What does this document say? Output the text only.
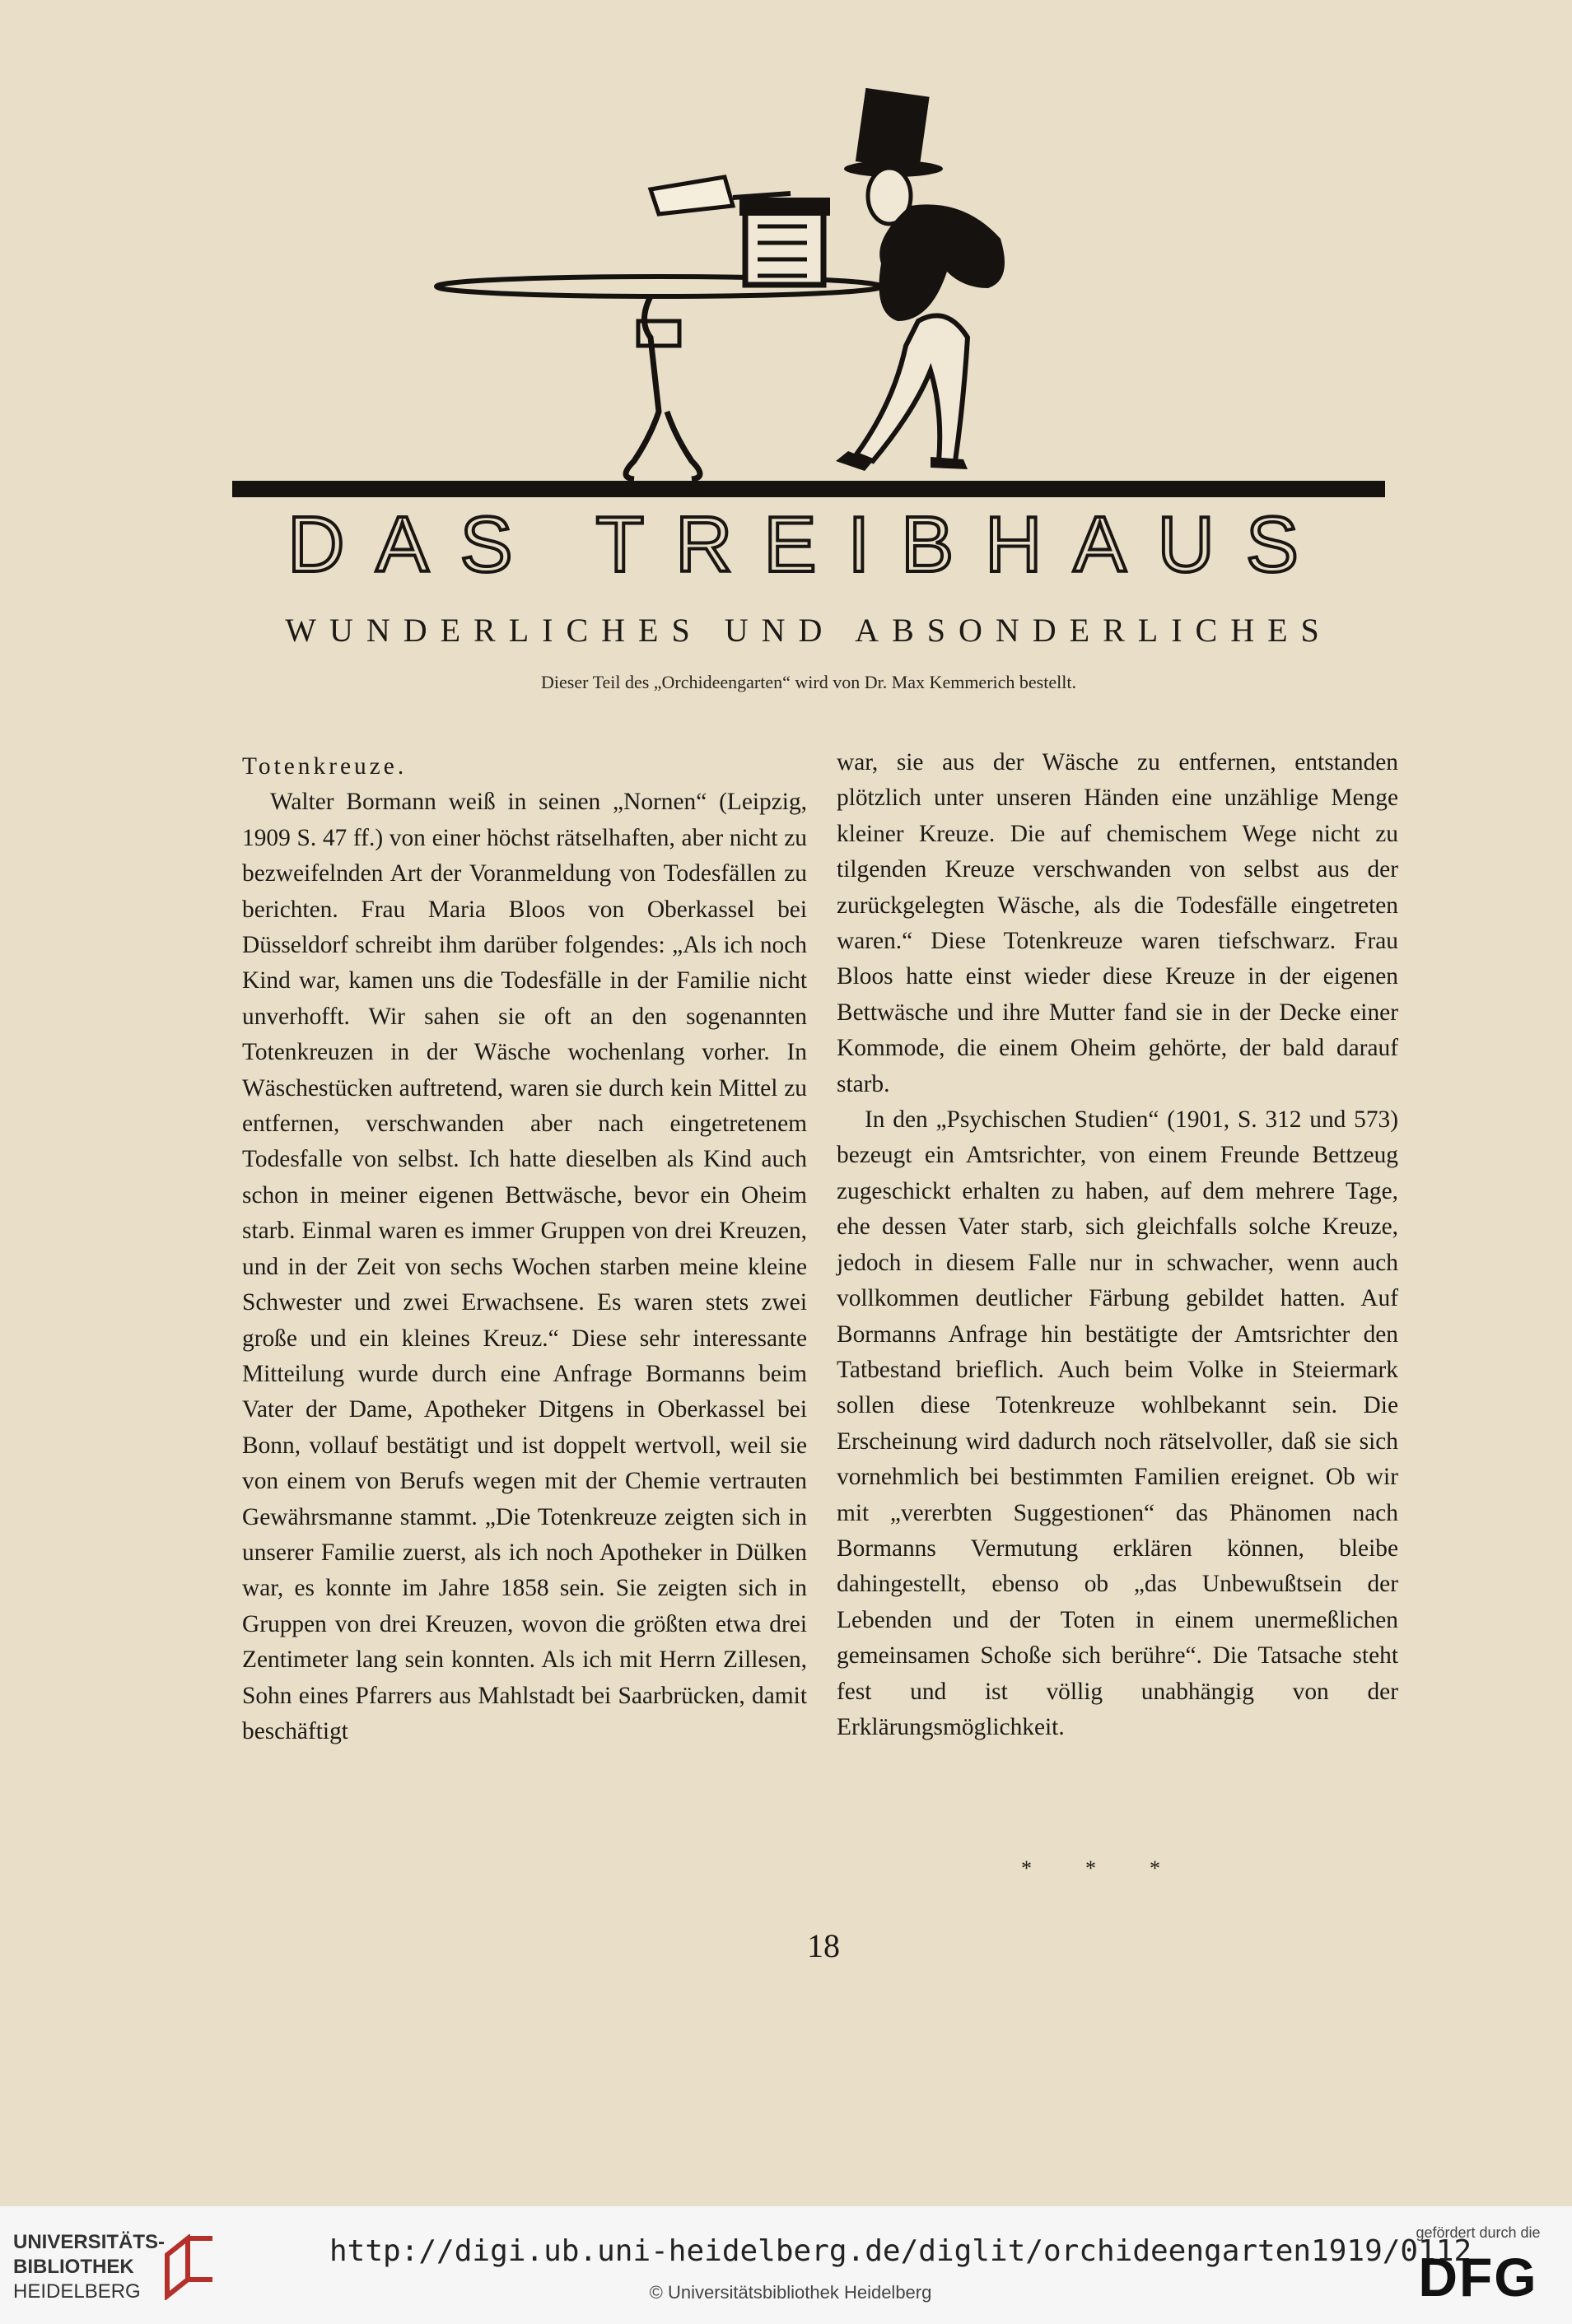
DAS TREIBHAUS
WUNDERLICHES UND ABSONDERLICHES
Dieser Teil des „Orchideengarten“ wird von Dr. Max Kemmerich bestellt.

Totenkreuze.

Walter Bormann weiß in seinen „Nornen“ (Leipzig, 1909 S. 47 ff.) von einer höchst rätselhaften, aber nicht zu bezweifelnden Art der Voranmeldung von Todesfällen zu berichten. Frau Maria Bloos von Oberkassel bei Düsseldorf schreibt ihm darüber folgendes: „Als ich noch Kind war, kamen uns die Todesfälle in der Familie nicht unverhofft. Wir sahen sie oft an den sogenannten Totenkreuzen in der Wäsche wochenlang vorher. In Wäschestücken auftretend, waren sie durch kein Mittel zu entfernen, verschwanden aber nach eingetretenem Todesfalle von selbst. Ich hatte dieselben als Kind auch schon in meiner eigenen Bettwäsche, bevor ein Oheim starb. Einmal waren es immer Gruppen von drei Kreuzen, und in der Zeit von sechs Wochen starben meine kleine Schwester und zwei Erwachsene. Es waren stets zwei große und ein kleines Kreuz.“ Diese sehr interessante Mitteilung wurde durch eine Anfrage Bormanns beim Vater der Dame, Apotheker Ditgens in Oberkassel bei Bonn, vollauf bestätigt und ist doppelt wertvoll, weil sie von einem von Berufs wegen mit der Chemie vertrauten Gewährsmanne stammt. „Die Totenkreuze zeigten sich in unserer Familie zuerst, als ich noch Apotheker in Dülken war, es konnte im Jahre 1858 sein. Sie zeigten sich in Gruppen von drei Kreuzen, wovon die größten etwa drei Zentimeter lang sein konnten. Als ich mit Herrn Zillesen, Sohn eines Pfarrers aus Mahlstadt bei Saarbrücken, damit beschäftigt

war, sie aus der Wäsche zu entfernen, entstanden plötzlich unter unseren Händen eine unzählige Menge kleiner Kreuze. Die auf chemischem Wege nicht zu tilgenden Kreuze verschwanden von selbst aus der zurückgelegten Wäsche, als die Todesfälle eingetreten waren.“ Diese Totenkreuze waren tiefschwarz. Frau Bloos hatte einst wieder diese Kreuze in der eigenen Bettwäsche und ihre Mutter fand sie in der Decke einer Kommode, die einem Oheim gehörte, der bald darauf starb.

In den „Psychischen Studien“ (1901, S. 312 und 573) bezeugt ein Amtsrichter, von einem Freunde Bettzeug zugeschickt erhalten zu haben, auf dem mehrere Tage, ehe dessen Vater starb, sich gleichfalls solche Kreuze, jedoch in diesem Falle nur in schwacher, wenn auch vollkommen deutlicher Färbung gebildet hatten. Auf Bormanns Anfrage hin bestätigte der Amtsrichter den Tatbestand brieflich. Auch beim Volke in Steiermark sollen diese Totenkreuze wohlbekannt sein. Die Erscheinung wird dadurch noch rätselvoller, daß sie sich vornehmlich bei bestimmten Familien ereignet. Ob wir mit „vererbten Suggestionen“ das Phänomen nach Bormanns Vermutung erklären können, bleibe dahingestellt, ebenso ob „das Unbewußtsein der Lebenden und der Toten in einem unermeßlichen gemeinsamen Schoße sich berühre“. Die Tatsache steht fest und ist völlig unabhängig von der Erklärungsmöglichkeit.

*          *          *
18
UNIVERSITÄTS-
BIBLIOTHEK
HEIDELBERG
http://digi.ub.uni-heidelberg.de/diglit/orchideengarten1919/0112
© Universitätsbibliothek Heidelberg
gefördert durch die
DFG
